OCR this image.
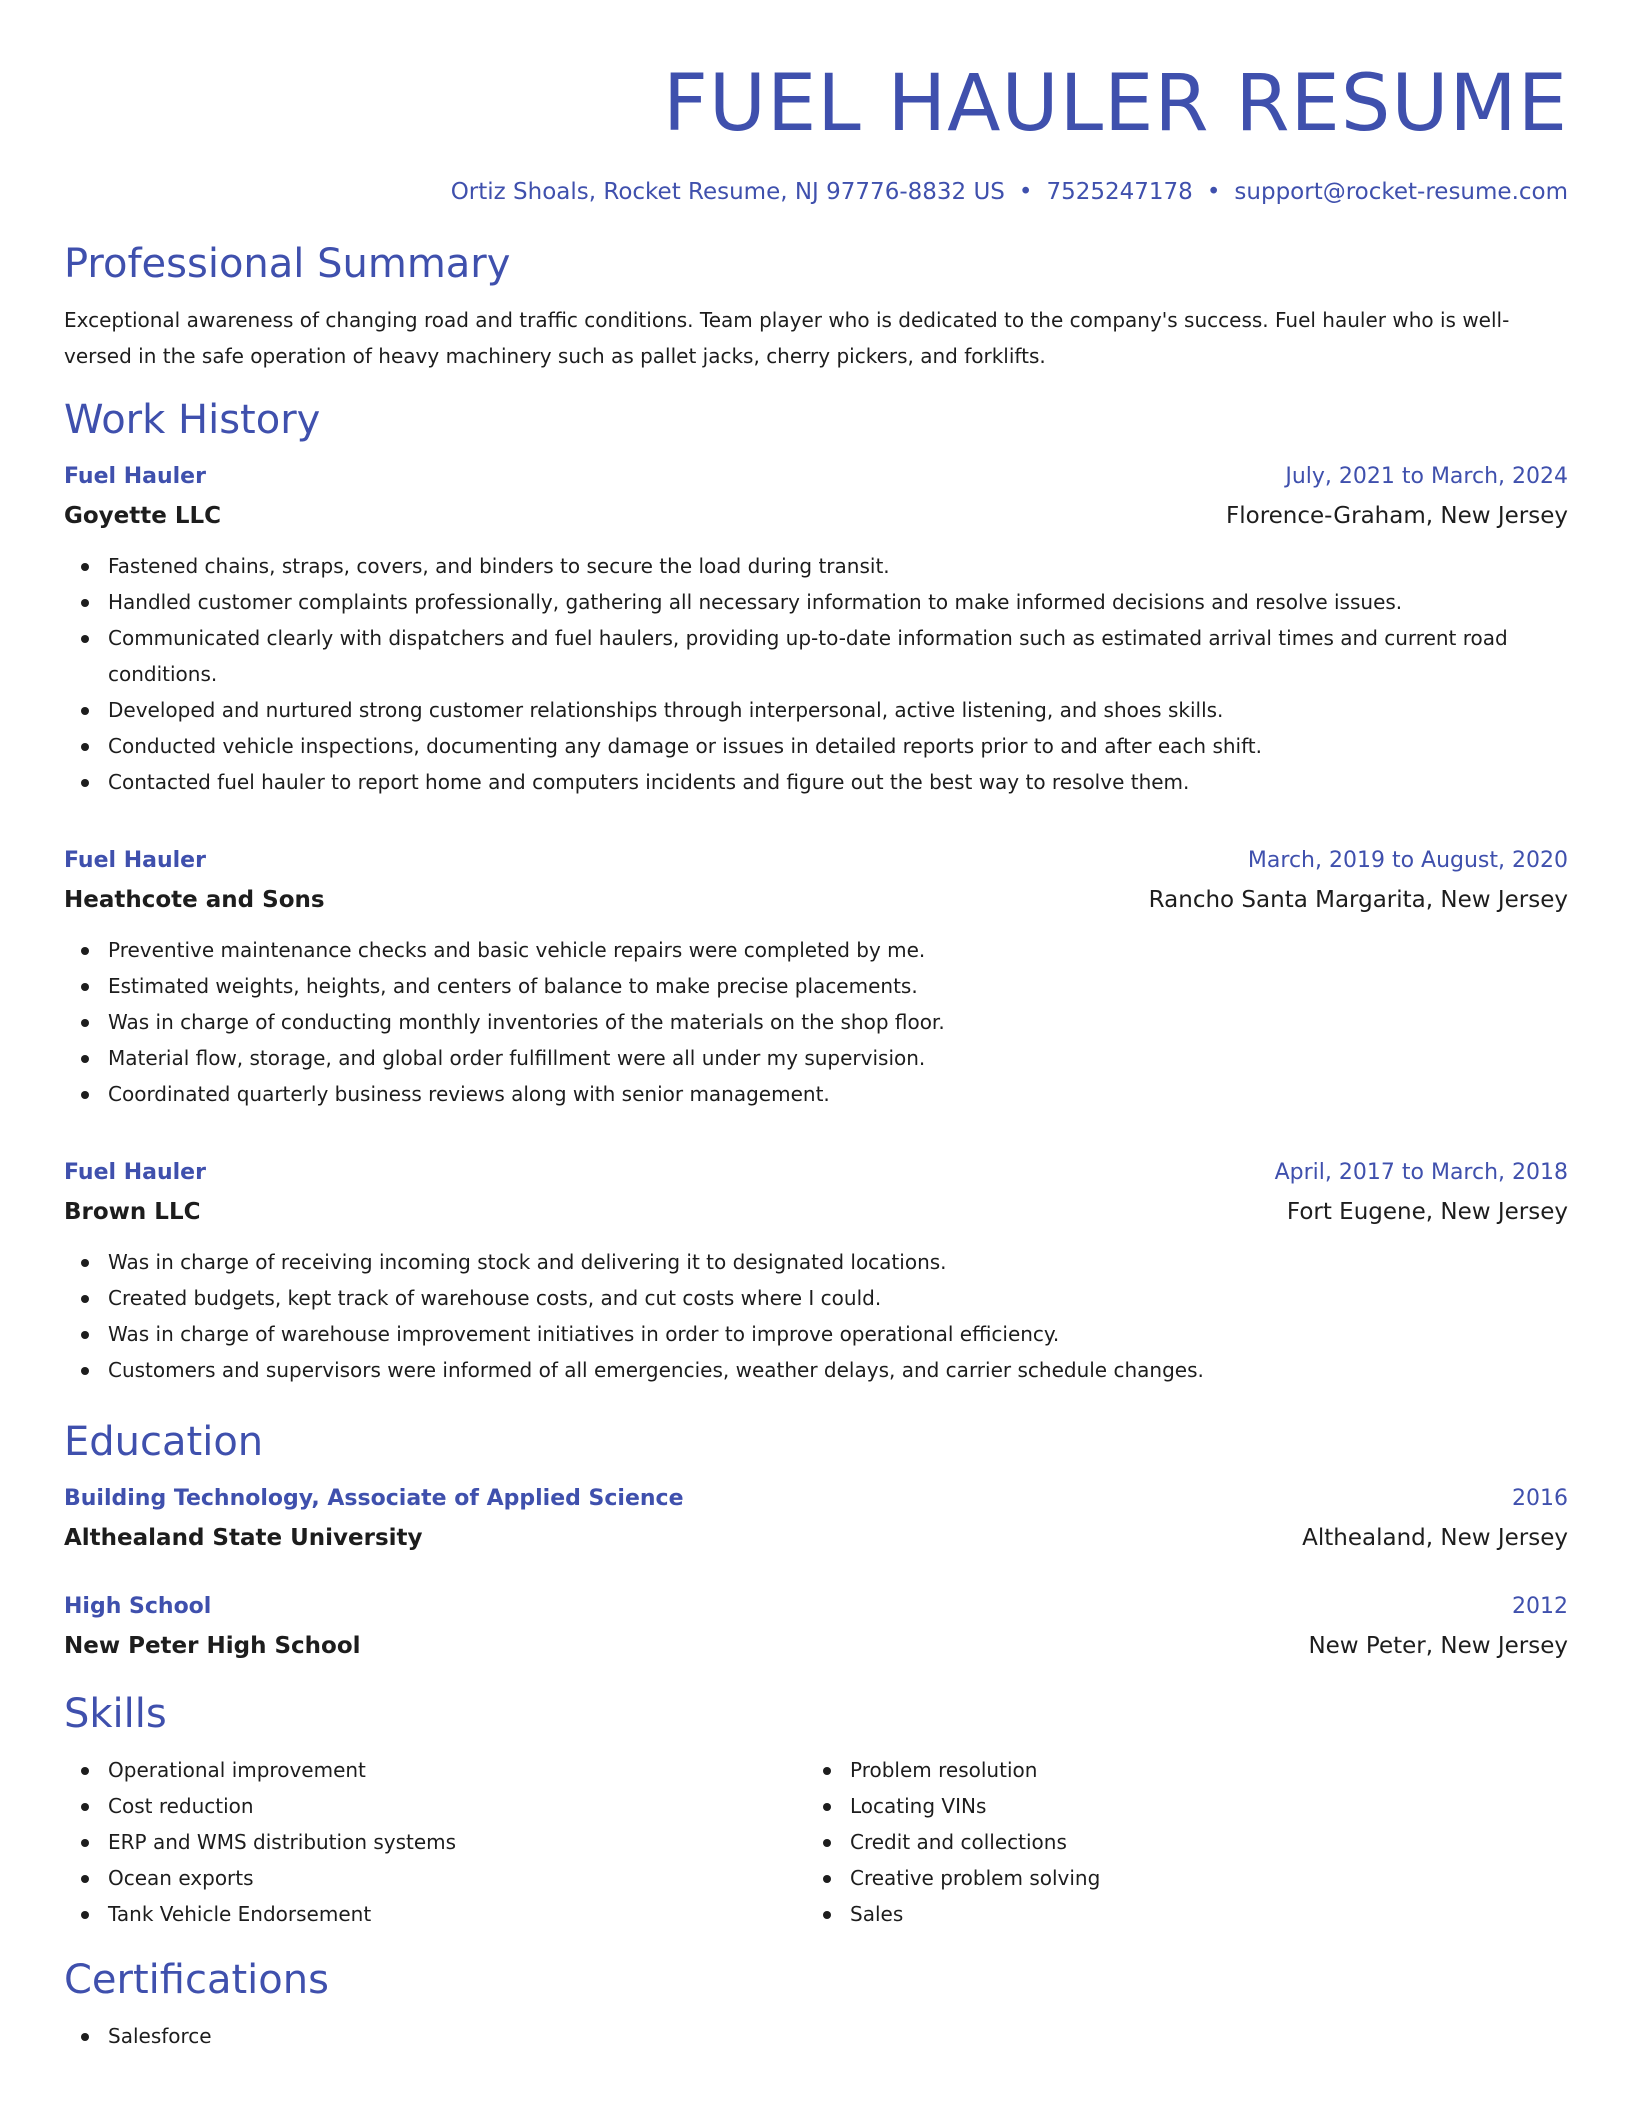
FUEL HAULER RESUME
Ortiz Shoals, Rocket Resume, NJ 97776-8832 US • 7525247178 • support@rocket-resume.com
Professional Summary

Exceptional awareness of changing road and traffic conditions. Team player who is dedicated to the company's success. Fuel hauler who is well-versed in the safe operation of heavy machinery such as pallet jacks, cherry pickers, and forklifts.

Work History
Fuel Hauler	July, 2021 to March, 2024
Goyette LLC	Florence-Graham, New Jersey
Fastened chains, straps, covers, and binders to secure the load during transit.
Handled customer complaints professionally, gathering all necessary information to make informed decisions and resolve issues.
Communicated clearly with dispatchers and fuel haulers, providing up-to-date information such as estimated arrival times and current road conditions.
Developed and nurtured strong customer relationships through interpersonal, active listening, and shoes skills.
Conducted vehicle inspections, documenting any damage or issues in detailed reports prior to and after each shift.
Contacted fuel hauler to report home and computers incidents and figure out the best way to resolve them.
Fuel Hauler	March, 2019 to August, 2020
Heathcote and Sons	Rancho Santa Margarita, New Jersey
Preventive maintenance checks and basic vehicle repairs were completed by me.
Estimated weights, heights, and centers of balance to make precise placements.
Was in charge of conducting monthly inventories of the materials on the shop floor.
Material flow, storage, and global order fulfillment were all under my supervision.
Coordinated quarterly business reviews along with senior management.
Fuel Hauler	April, 2017 to March, 2018
Brown LLC	Fort Eugene, New Jersey
Was in charge of receiving incoming stock and delivering it to designated locations.
Created budgets, kept track of warehouse costs, and cut costs where I could.
Was in charge of warehouse improvement initiatives in order to improve operational efficiency.
Customers and supervisors were informed of all emergencies, weather delays, and carrier schedule changes.
Education
Building Technology, Associate of Applied Science	2016
Althealand State University	Althealand, New Jersey
High School	2012
New Peter High School	New Peter, New Jersey
Skills
Operational improvement
Cost reduction
ERP and WMS distribution systems
Ocean exports
Tank Vehicle Endorsement
Problem resolution
Locating VINs
Credit and collections
Creative problem solving
Sales
Certifications
Salesforce
